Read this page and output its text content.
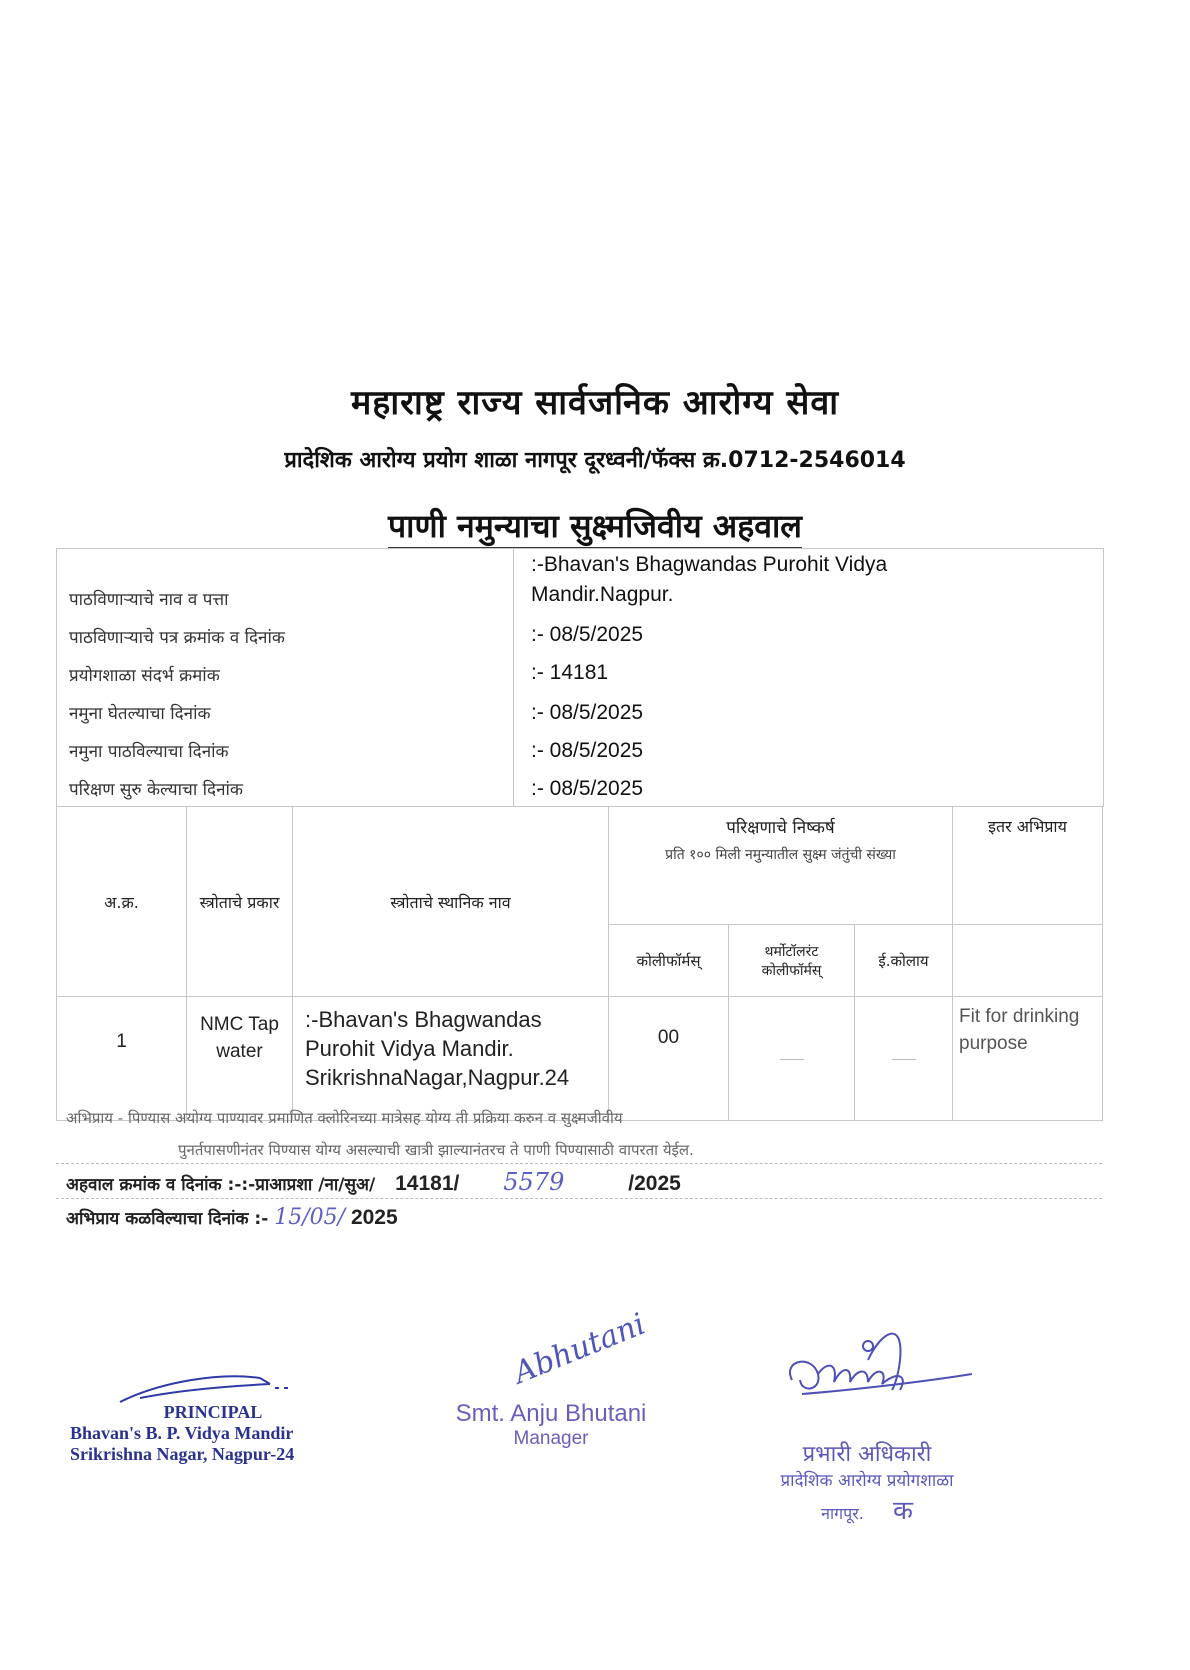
महाराष्ट्र राज्य सार्वजनिक आरोग्य सेवा
प्रादेशिक आरोग्य प्रयोग शाळा नागपूर दूरध्वनी/फॅक्स क्र.0712-2546014
पाणी नमुन्याचा सुक्ष्मजिवीय अहवाल
पाठविणाऱ्याचे नाव व पत्ता
:-Bhavan's Bhagwandas Purohit Vidya
Mandir.Nagpur.
पाठविणाऱ्याचे पत्र क्रमांक व दिनांक	:- 08/5/2025
प्रयोगशाळा संदर्भ क्रमांक	:- 14181
नमुना घेतल्याचा दिनांक	:- 08/5/2025
नमुना पाठविल्याचा दिनांक	:- 08/5/2025
परिक्षण सुरु केल्याचा दिनांक	:- 08/5/2025
अ.क्र.	स्त्रोताचे प्रकार	स्त्रोताचे स्थानिक नाव	परिक्षणाचे निष्कर्ष
प्रति १०० मिली नमुन्यातील सुक्ष्म जंतुंची संख्या			इतर अभिप्राय
			कोलीफॉर्मस्	थर्मोटॉलरंट कोलीफॉर्मस्	ई.कोलाय	
1	NMC Tap water	:-Bhavan's Bhagwandas Purohit Vidya Mandir. SrikrishnaNagar,Nagpur.24	00			Fit for drinking purpose
अभिप्राय - पिण्यास अयोग्य पाण्यावर प्रमाणित क्लोरिनच्या मात्रेसह योग्य ती प्रक्रिया करुन व सुक्ष्मजीवीय
पुनर्तपासणीनंतर पिण्यास योग्य असल्याची खात्री झाल्यानंतरच ते पाणी पिण्यासाठी वापरता येईल.
अहवाल क्रमांक व दिनांक :-:-प्राआप्रशा /ना/सुअ/ 14181/ 5579	/2025
अभिप्राय कळविल्याचा दिनांक :- 15/05/ 2025
PRINCIPAL
Bhavan's B. P. Vidya Mandir
Srikrishna Nagar, Nagpur-24
Abhutani
Smt. Anju Bhutani
Manager
प्रभारी अधिकारी
प्रादेशिक आरोग्य प्रयोगशाळा
नागपूर. क
